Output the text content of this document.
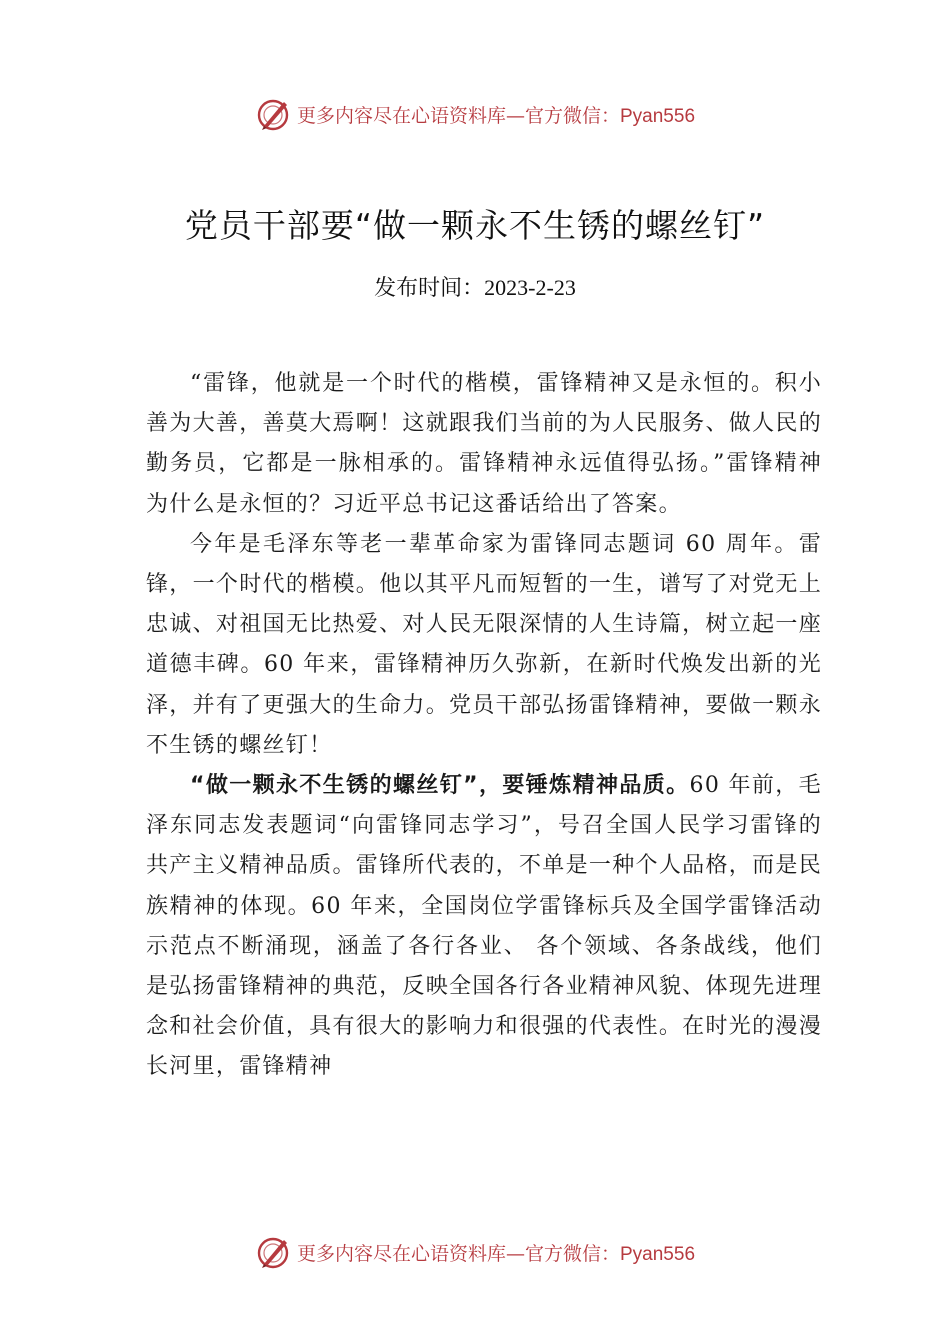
更多内容尽在心语资料库—官方微信：Pyan556
党员干部要“做一颗永不生锈的螺丝钉”
发布时间：2023-2-23

“雷锋，他就是一个时代的楷模，雷锋精神又是永恒的。积小善为大善，善莫大焉啊！这就跟我们当前的为人民服务、做人民的勤务员，它都是一脉相承的。雷锋精神永远值得弘扬。”雷锋精神为什么是永恒的？习近平总书记这番话给出了答案。

今年是毛泽东等老一辈革命家为雷锋同志题词 60 周年。雷锋，一个时代的楷模。他以其平凡而短暂的一生，谱写了对党无上忠诚、对祖国无比热爱、对人民无限深情的人生诗篇，树立起一座道德丰碑。60 年来，雷锋精神历久弥新，在新时代焕发出新的光泽，并有了更强大的生命力。党员干部弘扬雷锋精神，要做一颗永不生锈的螺丝钉！

“做一颗永不生锈的螺丝钉”，要锤炼精神品质。60 年前，毛泽东同志发表题词“向雷锋同志学习”，号召全国人民学习雷锋的共产主义精神品质。雷锋所代表的，不单是一种个人品格，而是民族精神的体现。60 年来，全国岗位学雷锋标兵及全国学雷锋活动示范点不断涌现，涵盖了各行各业、 各个领域、各条战线，他们是弘扬雷锋精神的典范，反映全国各行各业精神风貌、体现先进理念和社会价值，具有很大的影响力和很强的代表性。在时光的漫漫长河里，雷锋精神

更多内容尽在心语资料库—官方微信：Pyan556
